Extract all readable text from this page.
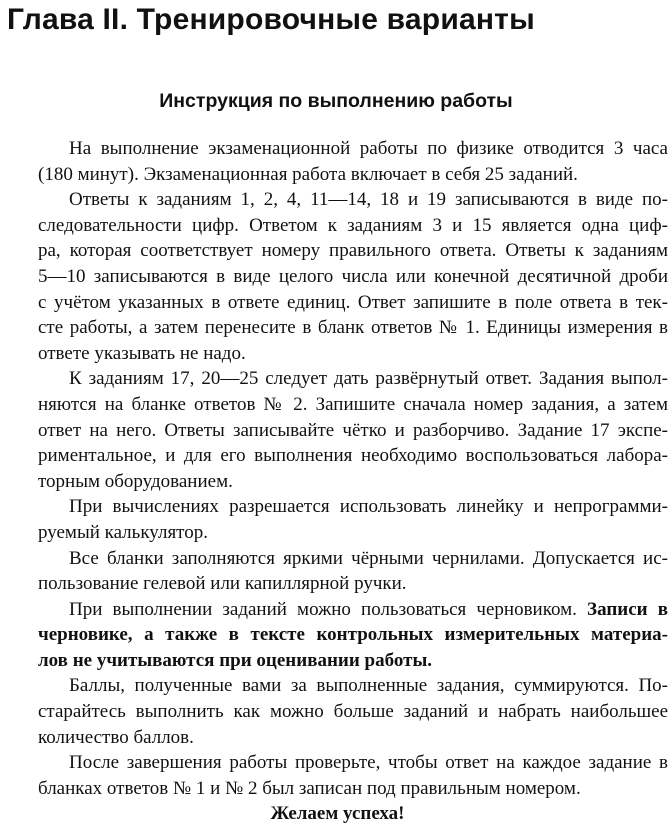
Глава II. Тренировочные варианты
Инструкция по выполнению работы

На выполнение экзаменационной работы по физике отводится 3 часа
(180 минут). Экзаменационная работа включает в себя 25 заданий.

Ответы к заданиям 1, 2, 4, 11—14, 18 и 19 записываются в виде по-
следовательности цифр. Ответом к заданиям 3 и 15 является одна циф-
ра, которая соответствует номеру правильного ответа. Ответы к заданиям
5—10 записываются в виде целого числа или конечной десятичной дроби
с учётом указанных в ответе единиц. Ответ запишите в поле ответа в тек-
сте работы, а затем перенесите в бланк ответов № 1. Единицы измерения в
ответе указывать не надо.

К заданиям 17, 20—25 следует дать развёрнутый ответ. Задания выпол-
няются на бланке ответов № 2. Запишите сначала номер задания, а затем
ответ на него. Ответы записывайте чётко и разборчиво. Задание 17 экспе-
риментальное, и для его выполнения необходимо воспользоваться лабора-
торным оборудованием.

При вычислениях разрешается использовать линейку и непрограмми-
руемый калькулятор.

Все бланки заполняются яркими чёрными чернилами. Допускается ис-
пользование гелевой или капиллярной ручки.

При выполнении заданий можно пользоваться черновиком. Записи в
черновике, а также в тексте контрольных измерительных материа-
лов не учитываются при оценивании работы.

Баллы, полученные вами за выполненные задания, суммируются. По-
старайтесь выполнить как можно больше заданий и набрать наибольшее
количество баллов.

После завершения работы проверьте, чтобы ответ на каждое задание в
бланках ответов № 1 и № 2 был записан под правильным номером.

Желаем успеха!
